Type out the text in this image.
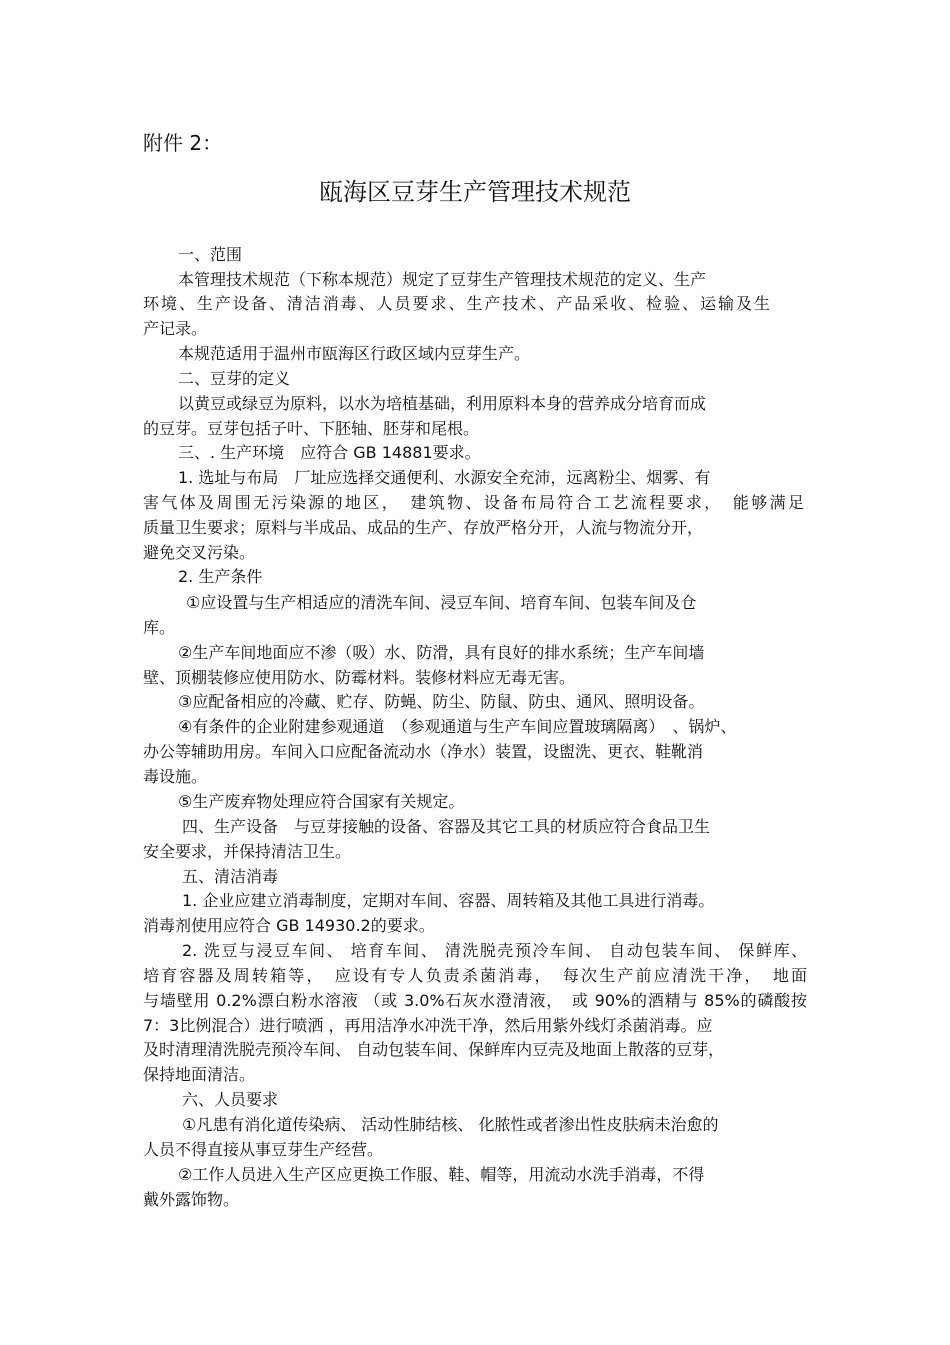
附件 2：
瓯海区豆芽生产管理技术规范
一、范围
本管理技术规范（下称本规范）规定了豆芽生产管理技术规范的定义、生产
环境、生产设备、清洁消毒、人员要求、生产技术、产品采收、检验、运输及生
产记录。
本规范适用于温州市瓯海区行政区域内豆芽生产。
二、豆芽的定义
以黄豆或绿豆为原料，以水为培植基础，利用原料本身的营养成分培育而成
的豆芽。豆芽包括子叶、下胚轴、胚芽和尾根。
三、. 生产环境　应符合 GB 14881要求。
1. 选址与布局　厂址应选择交通便利、水源安全充沛，远离粉尘、烟雾、有
害气体及周围无污染源的地区，　建筑物、设备布局符合工艺流程要求，　能够满足
质量卫生要求；原料与半成品、成品的生产、存放严格分开，人流与物流分开，
避免交叉污染。
2. 生产条件
①应设置与生产相适应的清洗车间、浸豆车间、培育车间、包装车间及仓
库。
②生产车间地面应不渗（吸）水、防滑，具有良好的排水系统；生产车间墙
壁、顶棚装修应使用防水、防霉材料。装修材料应无毒无害。
③应配备相应的冷藏、贮存、防蝇、防尘、防鼠、防虫、通风、照明设备。
④有条件的企业附建参观通道　（参观通道与生产车间应置玻璃隔离）　、锅炉、
办公等辅助用房。车间入口应配备流动水（净水）装置，设盥洗、更衣、鞋靴消
毒设施。
⑤生产废弃物处理应符合国家有关规定。
四、生产设备　与豆芽接触的设备、容器及其它工具的材质应符合食品卫生
安全要求，并保持清洁卫生。
五、清洁消毒
1. 企业应建立消毒制度，定期对车间、容器、周转箱及其他工具进行消毒。
消毒剂使用应符合 GB 14930.2的要求。
2. 洗豆与浸豆车间、 培育车间、 清洗脱壳预冷车间、 自动包装车间、 保鲜库、
培育容器及周转箱等，　应设有专人负责杀菌消毒，　每次生产前应清洗干净，　地面
与墙壁用 0.2%漂白粉水溶液 （或 3.0%石灰水澄清液，　或 90%的酒精与 85%的磷酸按
7：3比例混合）进行喷洒 ，再用洁净水冲洗干净，然后用紫外线灯杀菌消毒。应
及时清理清洗脱壳预冷车间、 自动包装车间、保鲜库内豆壳及地面上散落的豆芽，
保持地面清洁。
六、人员要求
①凡患有消化道传染病、 活动性肺结核、 化脓性或者渗出性皮肤病未治愈的
人员不得直接从事豆芽生产经营。
②工作人员进入生产区应更换工作服、鞋、帽等，用流动水洗手消毒，不得
戴外露饰物。
